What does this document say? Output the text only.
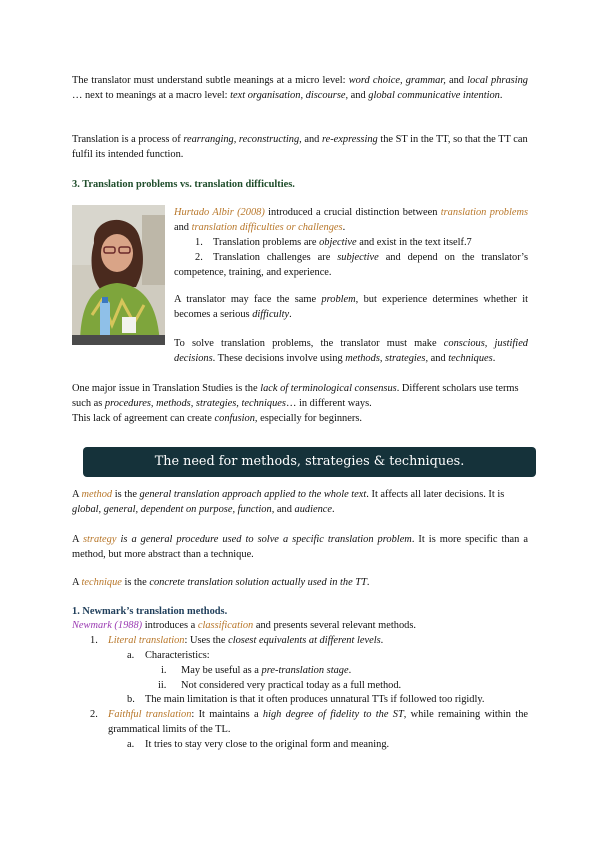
The translator must understand subtle meanings at a micro level: word choice, grammar, and local phrasing … next to meanings at a macro level: text organisation, discourse, and global communicative intention.
Translation is a process of rearranging, reconstructing, and re-expressing the ST in the TT, so that the TT can fulfil its intended function.
3. Translation problems vs. translation difficulties.
Hurtado Albir (2008) introduced a crucial distinction between translation problems and translation difficulties or challenges.
1. Translation problems are objective and exist in the text itself.7
2. Translation challenges are subjective and depend on the translator’s competence, training, and experience.
A translator may face the same problem, but experience determines whether it becomes a serious difficulty.
To solve translation problems, the translator must make conscious, justified decisions. These decisions involve using methods, strategies, and techniques.
One major issue in Translation Studies is the lack of terminological consensus. Different scholars use terms such as procedures, methods, strategies, techniques… in different ways.
This lack of agreement can create confusion, especially for beginners.
The need for methods, strategies & techniques.
A method is the general translation approach applied to the whole text. It affects all later decisions. It is global, general, dependent on purpose, function, and audience.
A strategy is a general procedure used to solve a specific translation problem. It is more specific than a method, but more abstract than a technique.
A technique is the concrete translation solution actually used in the TT.
1. Newmark’s translation methods.
Newmark (1988) introduces a classification and presents several relevant methods.
1. Literal translation: Uses the closest equivalents at different levels.
a. Characteristics:
i. May be useful as a pre-translation stage.
ii. Not considered very practical today as a full method.
b. The main limitation is that it often produces unnatural TTs if followed too rigidly.
2. Faithful translation: It maintains a high degree of fidelity to the ST, while remaining within the grammatical limits of the TL.
a. It tries to stay very close to the original form and meaning.
